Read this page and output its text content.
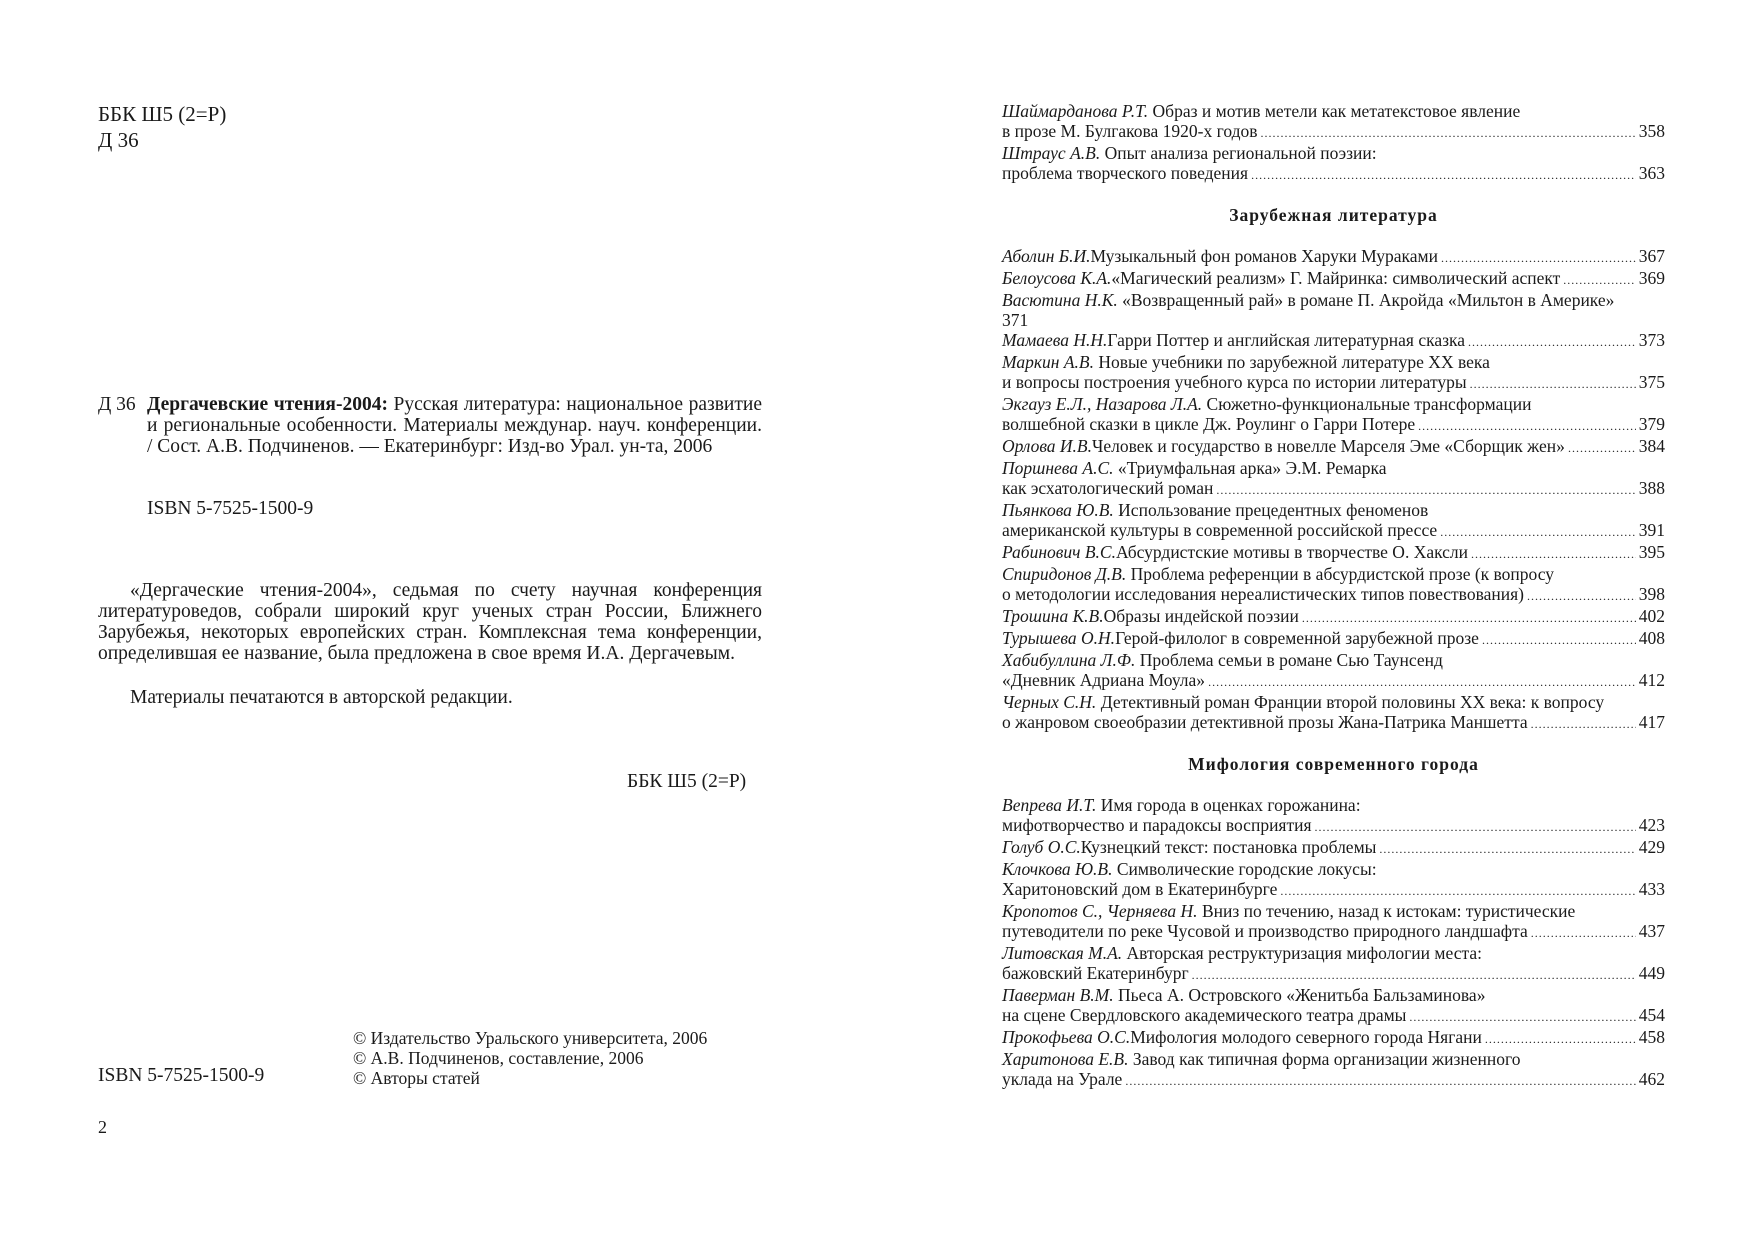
ББК Ш5 (2=Р)
Д 36
Д 36 Дергачевские чтения-2004: Русская литература: национальное развитие и региональные особенности. Материалы междунар. науч. конференции. / Сост. А.В. Подчиненов. — Екатеринбург: Изд-во Урал. ун-та, 2006
ISBN 5-7525-1500-9
«Дергаческие чтения-2004», седьмая по счету научная конференция литературоведов, собрали широкий круг ученых стран России, Ближнего Зарубежья, некоторых европейских стран. Комплексная тема конференции, определившая ее название, была предложена в свое время И.А. Дергачевым.
Материалы печатаются в авторской редакции.
ББК Ш5 (2=Р)
© Издательство Уральского университета, 2006
© А.В. Подчиненов, составление, 2006
© Авторы статей
ISBN 5-7525-1500-9
2
Шаймарданова Р.Т. Образ и мотив метели как метатекстовое явление
в прозе М. Булгакова 1920-х годов .....	358
Штраус А.В. Опыт анализа региональной поэзии:
проблема творческого поведения .....	363
Зарубежная литература
Аболин Б.И. Музыкальный фон романов Харуки Мураками .....	367
Белоусова К.А. «Магический реализм» Г. Майринка: символический аспект .....	369
Васютина Н.К. «Возвращенный рай» в романе П. Акройда «Мильтон в Америке»
371
Мамаева Н.Н. Гарри Поттер и английская литературная сказка .....	373
Маркин А.В. Новые учебники по зарубежной литературе ХХ века
и вопросы построения учебного курса по истории литературы .....	375
Экгауз Е.Л., Назарова Л.А. Сюжетно-функциональные трансформации
волшебной сказки в цикле Дж. Роулинг о Гарри Потере .....	379
Орлова И.В. Человек и государство в новелле Марселя Эме «Сборщик жен» .....	384
Поршнева А.С. «Триумфальная арка» Э.М. Ремарка
как эсхатологический роман .....	388
Пьянкова Ю.В. Использование прецедентных феноменов
американской культуры в современной российской прессе .....	391
Рабинович В.С. Абсурдистские мотивы в творчестве О. Хаксли .....	395
Спиридонов Д.В. Проблема референции в абсурдистской прозе (к вопросу
о методологии исследования нереалистических типов повествования) .....	398
Трошина К.В. Образы индейской поэзии .....	402
Турышева О.Н. Герой-филолог в современной зарубежной прозе .....	408
Хабибуллина Л.Ф. Проблема семьи в романе Сью Таунсенд
«Дневник Адриана Моула» .....	412
Черных С.Н. Детективный роман Франции второй половины ХХ века: к вопросу
о жанровом своеобразии детективной прозы Жана-Патрика Маншетта .....	417
Мифология современного города
Вепрева И.Т. Имя города в оценках горожанина:
мифотворчество и парадоксы восприятия .....	423
Голуб О.С. Кузнецкий текст: постановка проблемы .....	429
Клочкова Ю.В. Символические городские локусы:
Харитоновский дом в Екатеринбурге .....	433
Кропотов С., Черняева Н. Вниз по течению, назад к истокам: туристические
путеводители по реке Чусовой и производство природного ландшафта .....	437
Литовская М.А. Авторская реструктуризация мифологии места:
бажовский Екатеринбург .....	449
Паверман В.М. Пьеса А. Островского «Женитьба Бальзаминова»
на сцене Свердловского академического театра драмы .....	454
Прокофьева О.С. Мифология молодого северного города Нягани .....	458
Харитонова Е.В. Завод как типичная форма организации жизненного
уклада на Урале .....	462
